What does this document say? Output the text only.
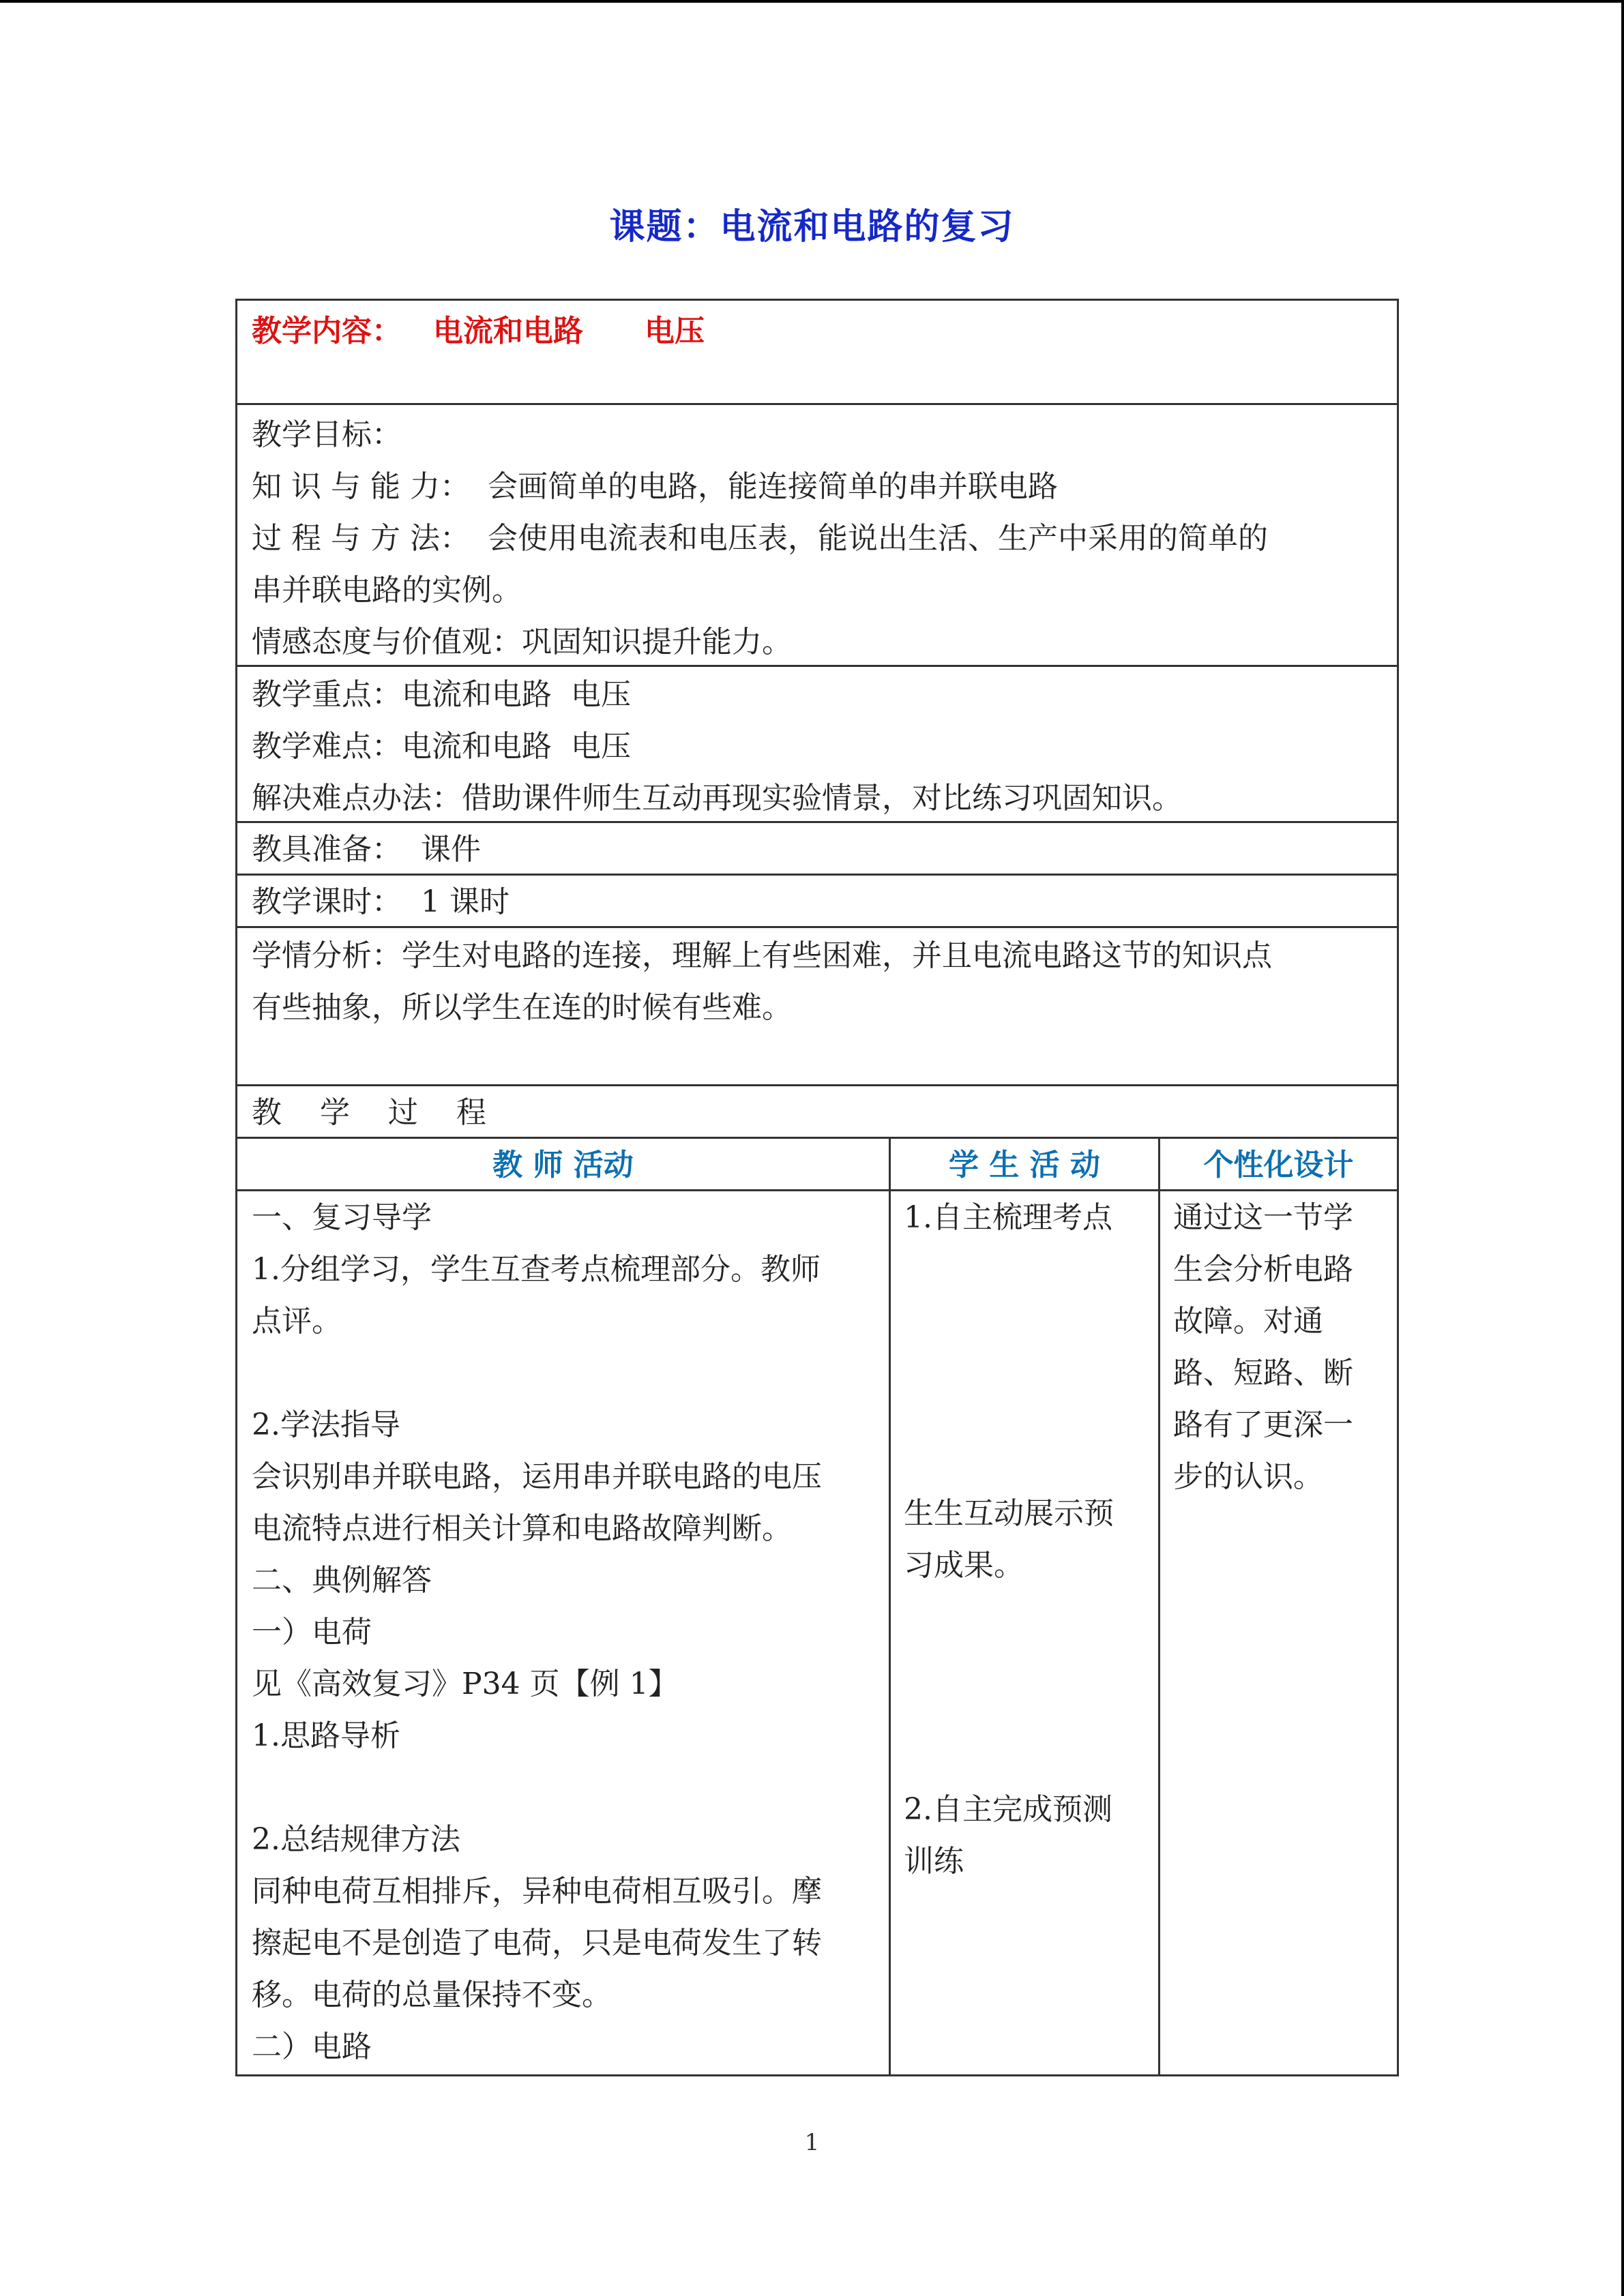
课题：电流和电路的复习
教学内容： 电流和电路 电压
教学目标：
知 识 与 能 力： 会画简单的电路，能连接简单的串并联电路
过 程 与 方 法： 会使用电流表和电压表，能说出生活、生产中采用的简单的
串并联电路的实例。
情感态度与价值观：巩固知识提升能力。
教学重点：电流和电路  电压
教学难点：电流和电路  电压
解决难点办法：借助课件师生互动再现实验情景，对比练习巩固知识。
教具准备：  课件
教学课时：  1 课时
学情分析：学生对电路的连接，理解上有些困难，并且电流电路这节的知识点
有些抽象，所以学生在连的时候有些难。
教    学    过    程
教 师 活动	学 生 活 动	个性化设计
一、复习导学
1.分组学习，学生互查考点梳理部分。教师
点评。
2.学法指导
会识别串并联电路，运用串并联电路的电压
电流特点进行相关计算和电路故障判断。
二、典例解答
一）电荷
见《高效复习》P34 页【例 1】
1.思路导析
2.总结规律方法
同种电荷互相排斥，异种电荷相互吸引。摩
擦起电不是创造了电荷，只是电荷发生了转
移。电荷的总量保持不变。
二）电路
1.自主梳理考点
生生互动展示预
习成果。
2.自主完成预测
训练
通过这一节学
生会分析电路
故障。对通
路、短路、断
路有了更深一
步的认识。
1
